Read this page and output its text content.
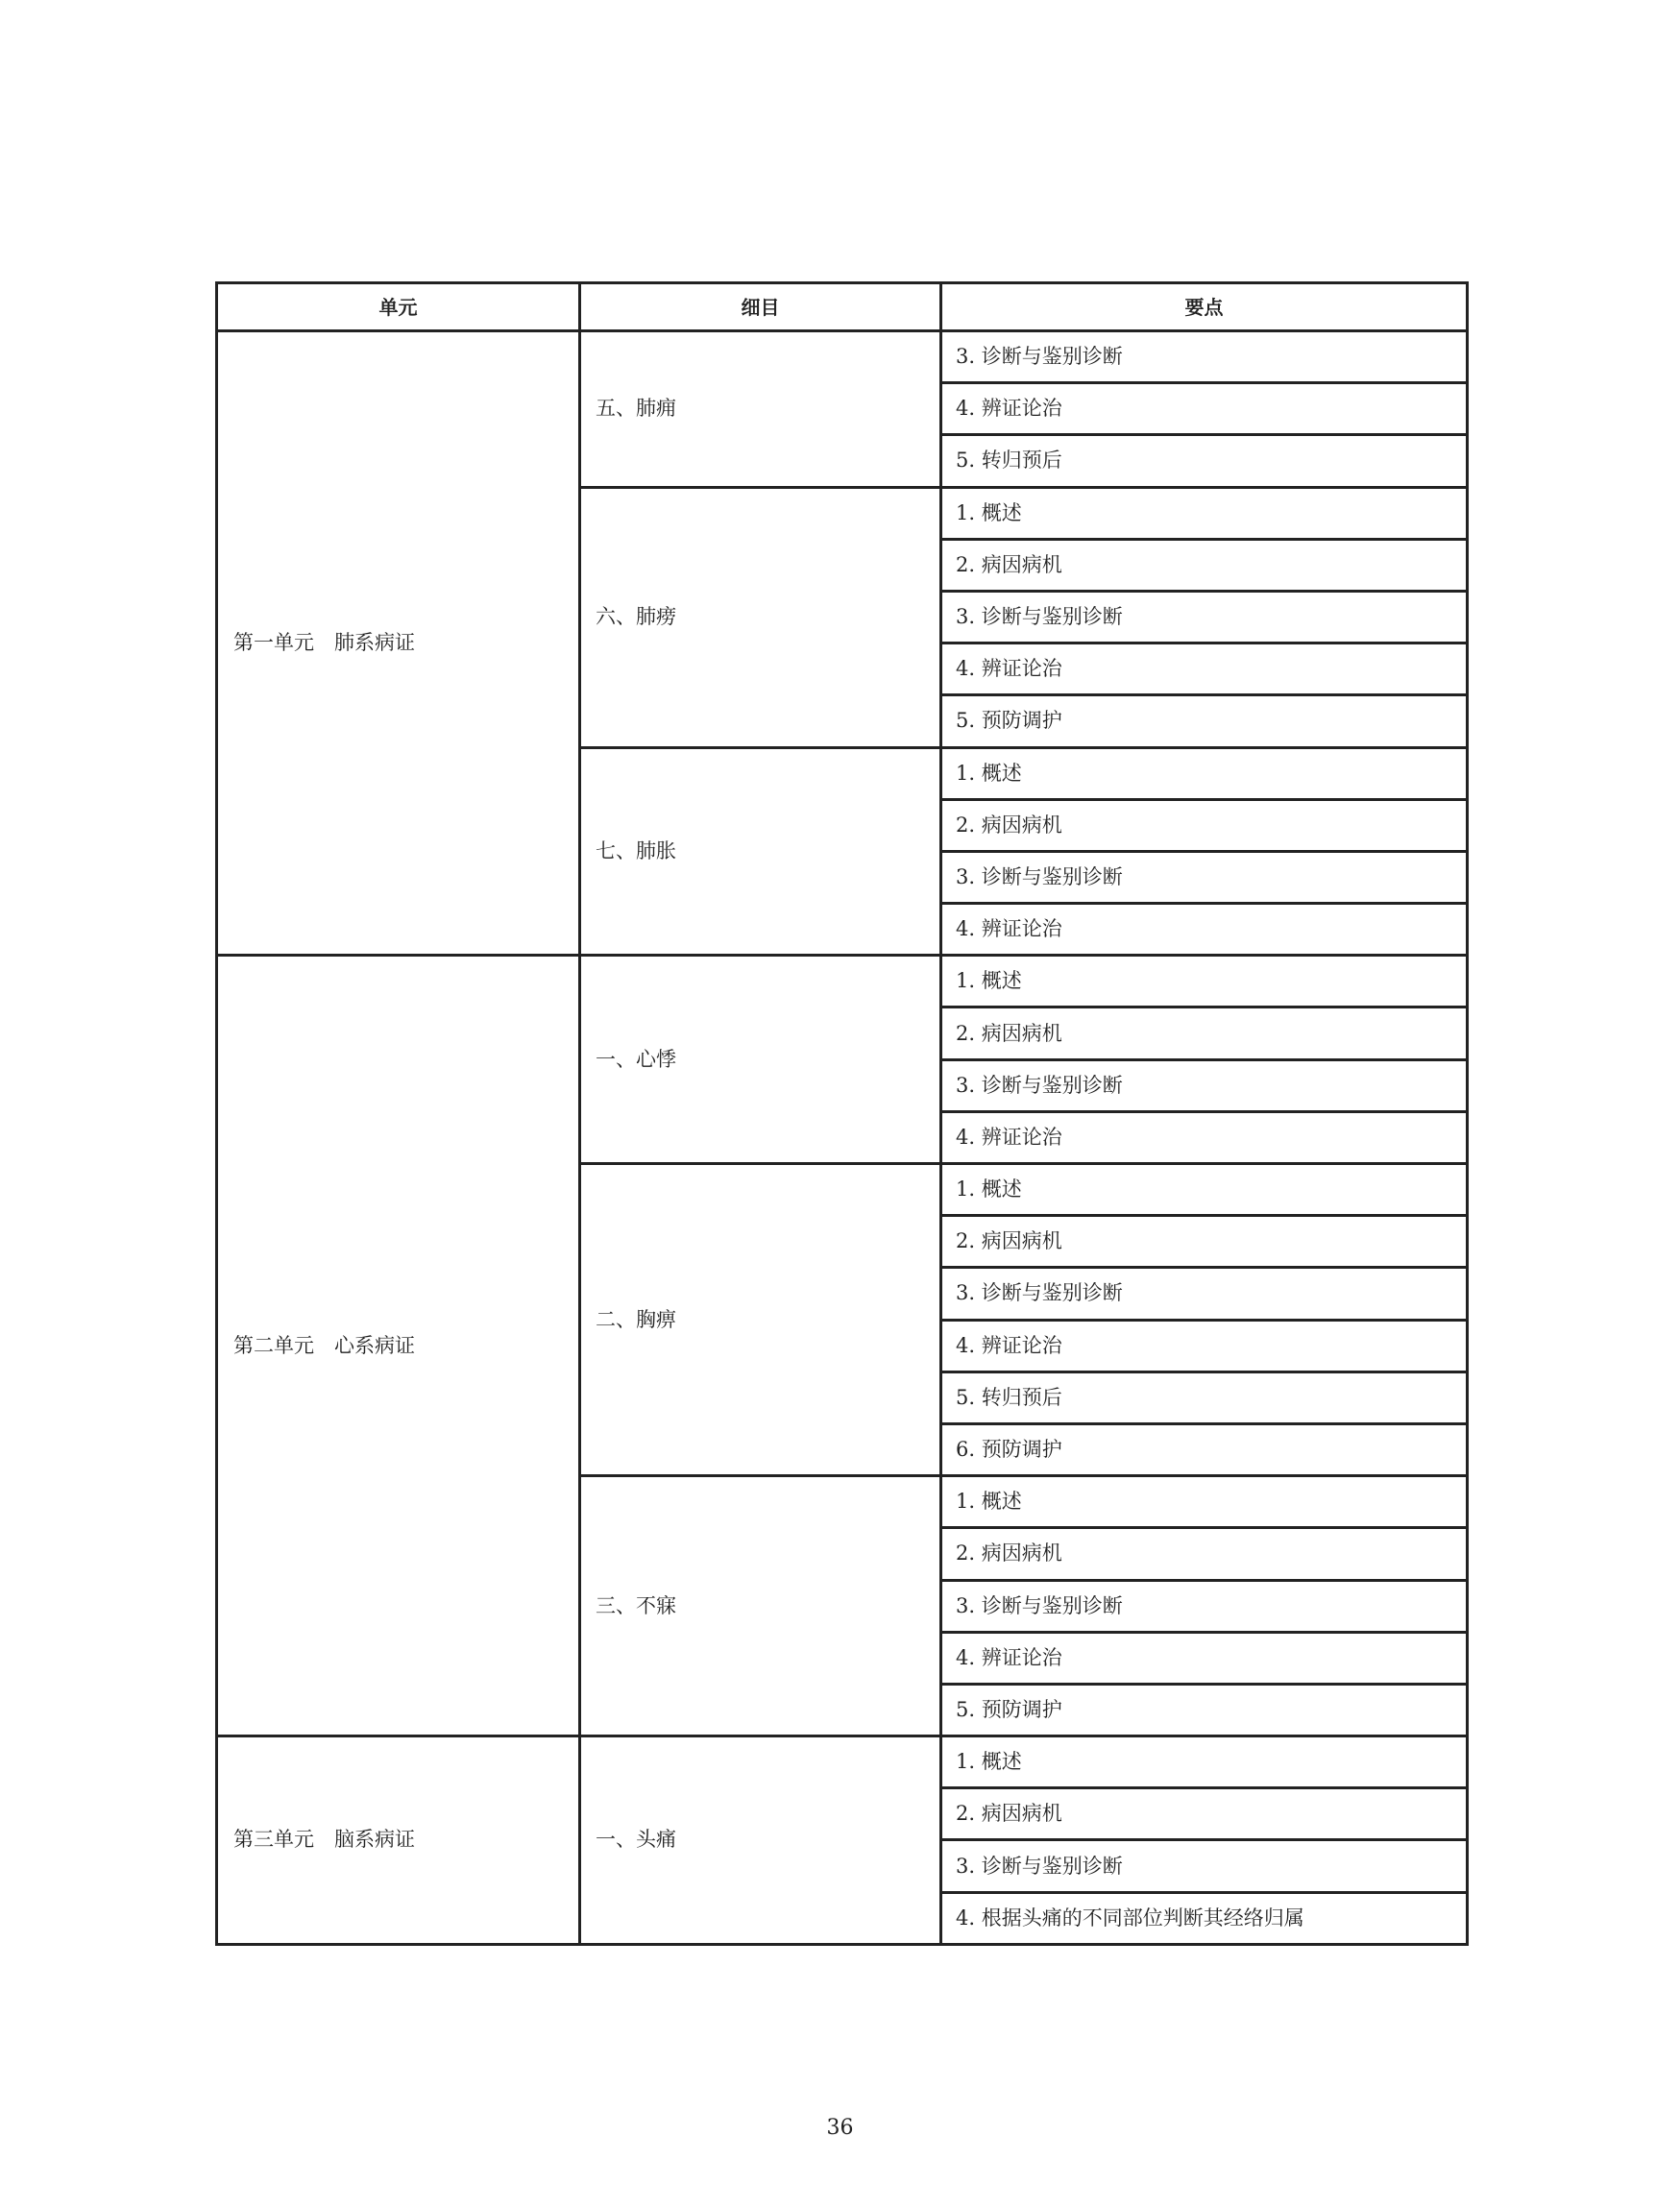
单元	细目	要点
第一单元　肺系病证	五、肺痈	3. 诊断与鉴别诊断
		4. 辨证论治
		5. 转归预后
	六、肺痨	1. 概述
		2. 病因病机
		3. 诊断与鉴别诊断
		4. 辨证论治
		5. 预防调护
	七、肺胀	1. 概述
		2. 病因病机
		3. 诊断与鉴别诊断
		4. 辨证论治
第二单元　心系病证	一、心悸	1. 概述
		2. 病因病机
		3. 诊断与鉴别诊断
		4. 辨证论治
	二、胸痹	1. 概述
		2. 病因病机
		3. 诊断与鉴别诊断
		4. 辨证论治
		5. 转归预后
		6. 预防调护
	三、不寐	1. 概述
		2. 病因病机
		3. 诊断与鉴别诊断
		4. 辨证论治
		5. 预防调护
第三单元　脑系病证	一、头痛	1. 概述
		2. 病因病机
		3. 诊断与鉴别诊断
		4. 根据头痛的不同部位判断其经络归属
36
